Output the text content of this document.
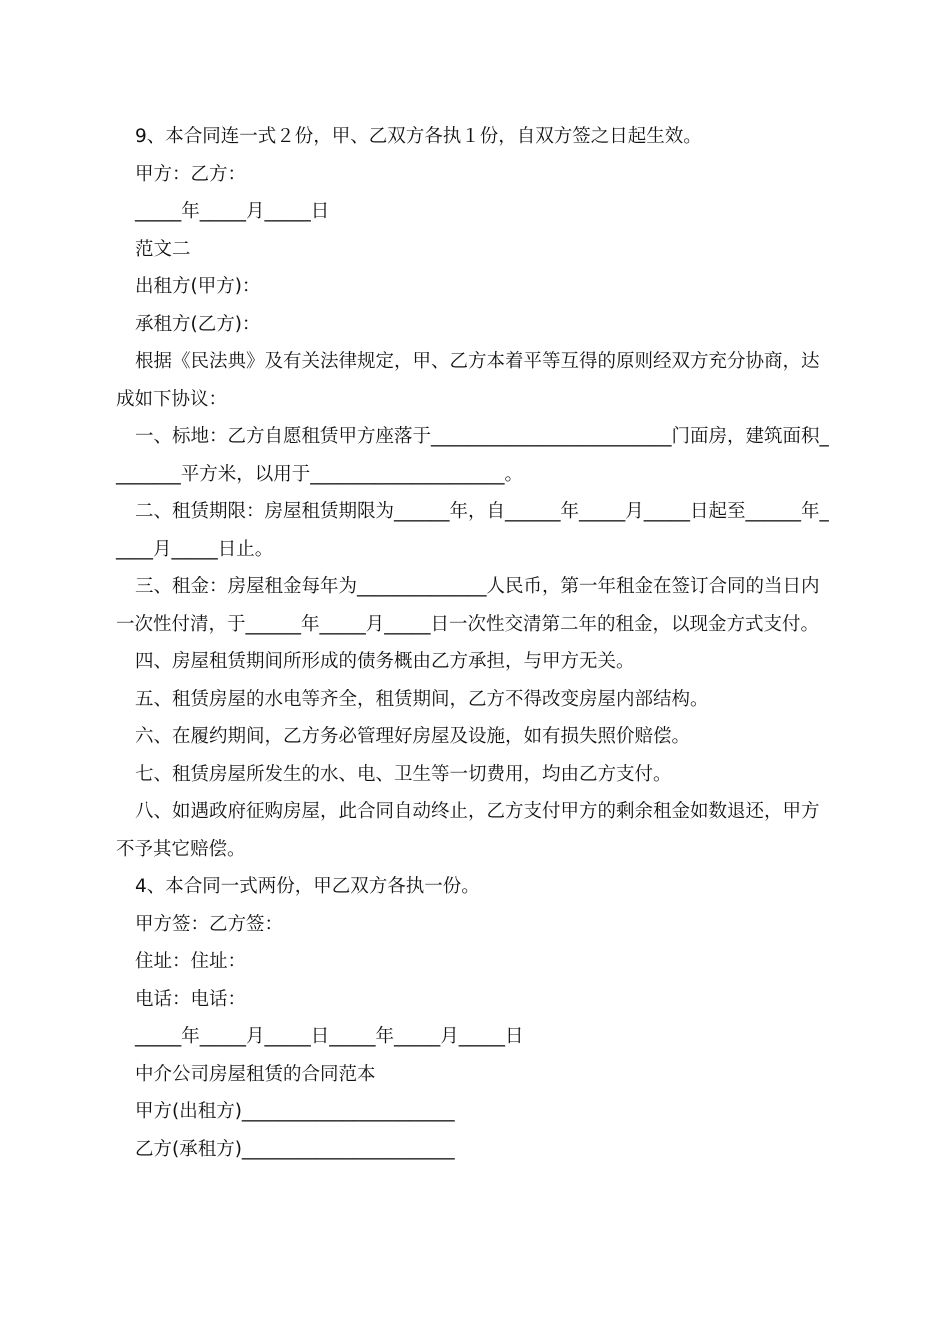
9、本合同连一式２份，甲、乙双方各执１份，自双方签之日起生效。

甲方：乙方：

_____年_____月_____日

范文二

出租方(甲方)：

承租方(乙方)：

根据《民法典》及有关法律规定，甲、乙方本着平等互得的原则经双方充分协商，达成如下协议：

一、标地：乙方自愿租赁甲方座落于__________________________门面房，建筑面积________平方米，以用于_____________________。

二、租赁期限：房屋租赁期限为______年，自______年_____月_____日起至______年_____月_____日止。

三、租金：房屋租金每年为______________人民币，第一年租金在签订合同的当日内一次性付清，于______年_____月_____日一次性交清第二年的租金，以现金方式支付。

四、房屋租赁期间所形成的债务概由乙方承担，与甲方无关。

五、租赁房屋的水电等齐全，租赁期间，乙方不得改变房屋内部结构。

六、在履约期间，乙方务必管理好房屋及设施，如有损失照价赔偿。

七、租赁房屋所发生的水、电、卫生等一切费用，均由乙方支付。

八、如遇政府征购房屋，此合同自动终止，乙方支付甲方的剩余租金如数退还，甲方不予其它赔偿。

4、本合同一式两份，甲乙双方各执一份。

甲方签：乙方签：

住址：住址：

电话：电话：

_____年_____月_____日_____年_____月_____日

中介公司房屋租赁的合同范本

甲方(出租方)_______________________

乙方(承租方)_______________________
